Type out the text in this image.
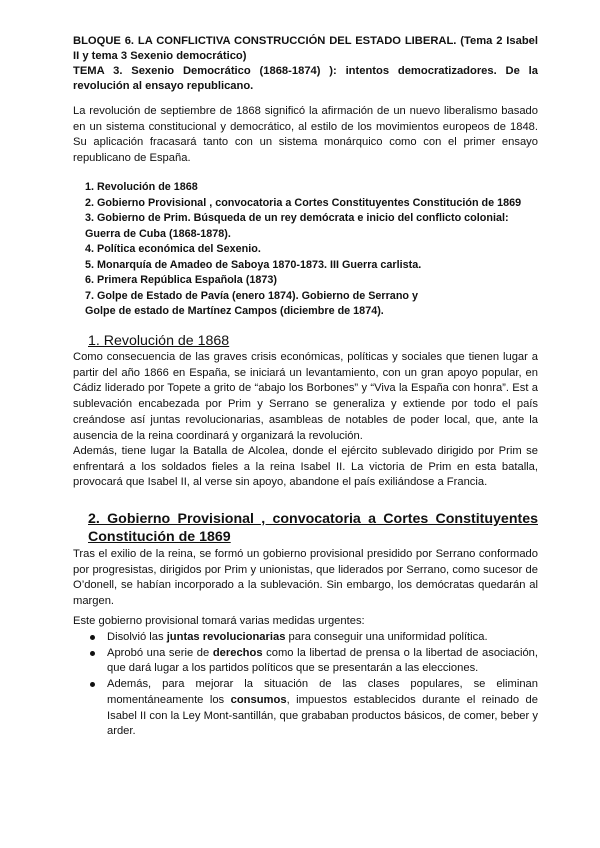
BLOQUE 6. LA CONFLICTIVA CONSTRUCCIÓN DEL ESTADO LIBERAL. (Tema 2 Isabel II y tema 3 Sexenio democrático)

TEMA 3. Sexenio Democrático (1868-1874) ): intentos democratizadores. De la revolución al ensayo republicano.

La revolución de septiembre de 1868 significó la afirmación de un nuevo liberalismo basado en un sistema constitucional y democrático, al estilo de los movimientos europeos de 1848. Su aplicación fracasará tanto con un sistema monárquico como con el primer ensayo republicano de España.

1. Revolución de 1868
2. Gobierno Provisional , convocatoria a Cortes Constituyentes Constitución de 1869
3. Gobierno de Prim. Búsqueda de un rey demócrata e inicio del conflicto colonial: Guerra de Cuba (1868-1878).
4. Política económica del Sexenio.
5. Monarquía de Amadeo de Saboya 1870-1873. III Guerra carlista.
6. Primera República Española (1873)
7. Golpe de Estado de Pavía (enero 1874). Gobierno de Serrano y
Golpe de estado de Martínez Campos (diciembre de 1874).
1. Revolución de 1868

Como consecuencia de las graves crisis económicas, políticas y sociales que tienen lugar a partir del año 1866 en España, se iniciará un levantamiento, con un gran apoyo popular, en Cádiz liderado por Topete a grito de “abajo los Borbones” y “Viva la España con honra”. Est a sublevación encabezada por Prim y Serrano se generaliza y extiende por todo el país creándose así juntas revolucionarias, asambleas de notables de poder local, que, ante la ausencia de la reina coordinará y organizará la revolución.

Además, tiene lugar la Batalla de Alcolea, donde el ejército sublevado dirigido por Prim se enfrentará a los soldados fieles a la reina Isabel II. La victoria de Prim en esta batalla, provocará que Isabel II, al verse sin apoyo, abandone el país exiliándose a Francia.

2. Gobierno Provisional , convocatoria a Cortes Constituyentes Constitución de 1869

Tras el exilio de la reina, se formó un gobierno provisional presidido por Serrano conformado por progresistas, dirigidos por Prim y unionistas, que liderados por Serrano, como sucesor de O’donell, se habían incorporado a la sublevación. Sin embargo, los demócratas quedarán al margen.

Este gobierno provisional tomará varias medidas urgentes:

Disolvió las juntas revolucionarias para conseguir una uniformidad política.
Aprobó una serie de derechos como la libertad de prensa o la libertad de asociación, que dará lugar a los partidos políticos que se presentarán a las elecciones.
Además, para mejorar la situación de las clases populares, se eliminan momentáneamente los consumos, impuestos establecidos durante el reinado de Isabel II con la Ley Mont-santillán, que grababan productos básicos, de comer, beber y arder.
